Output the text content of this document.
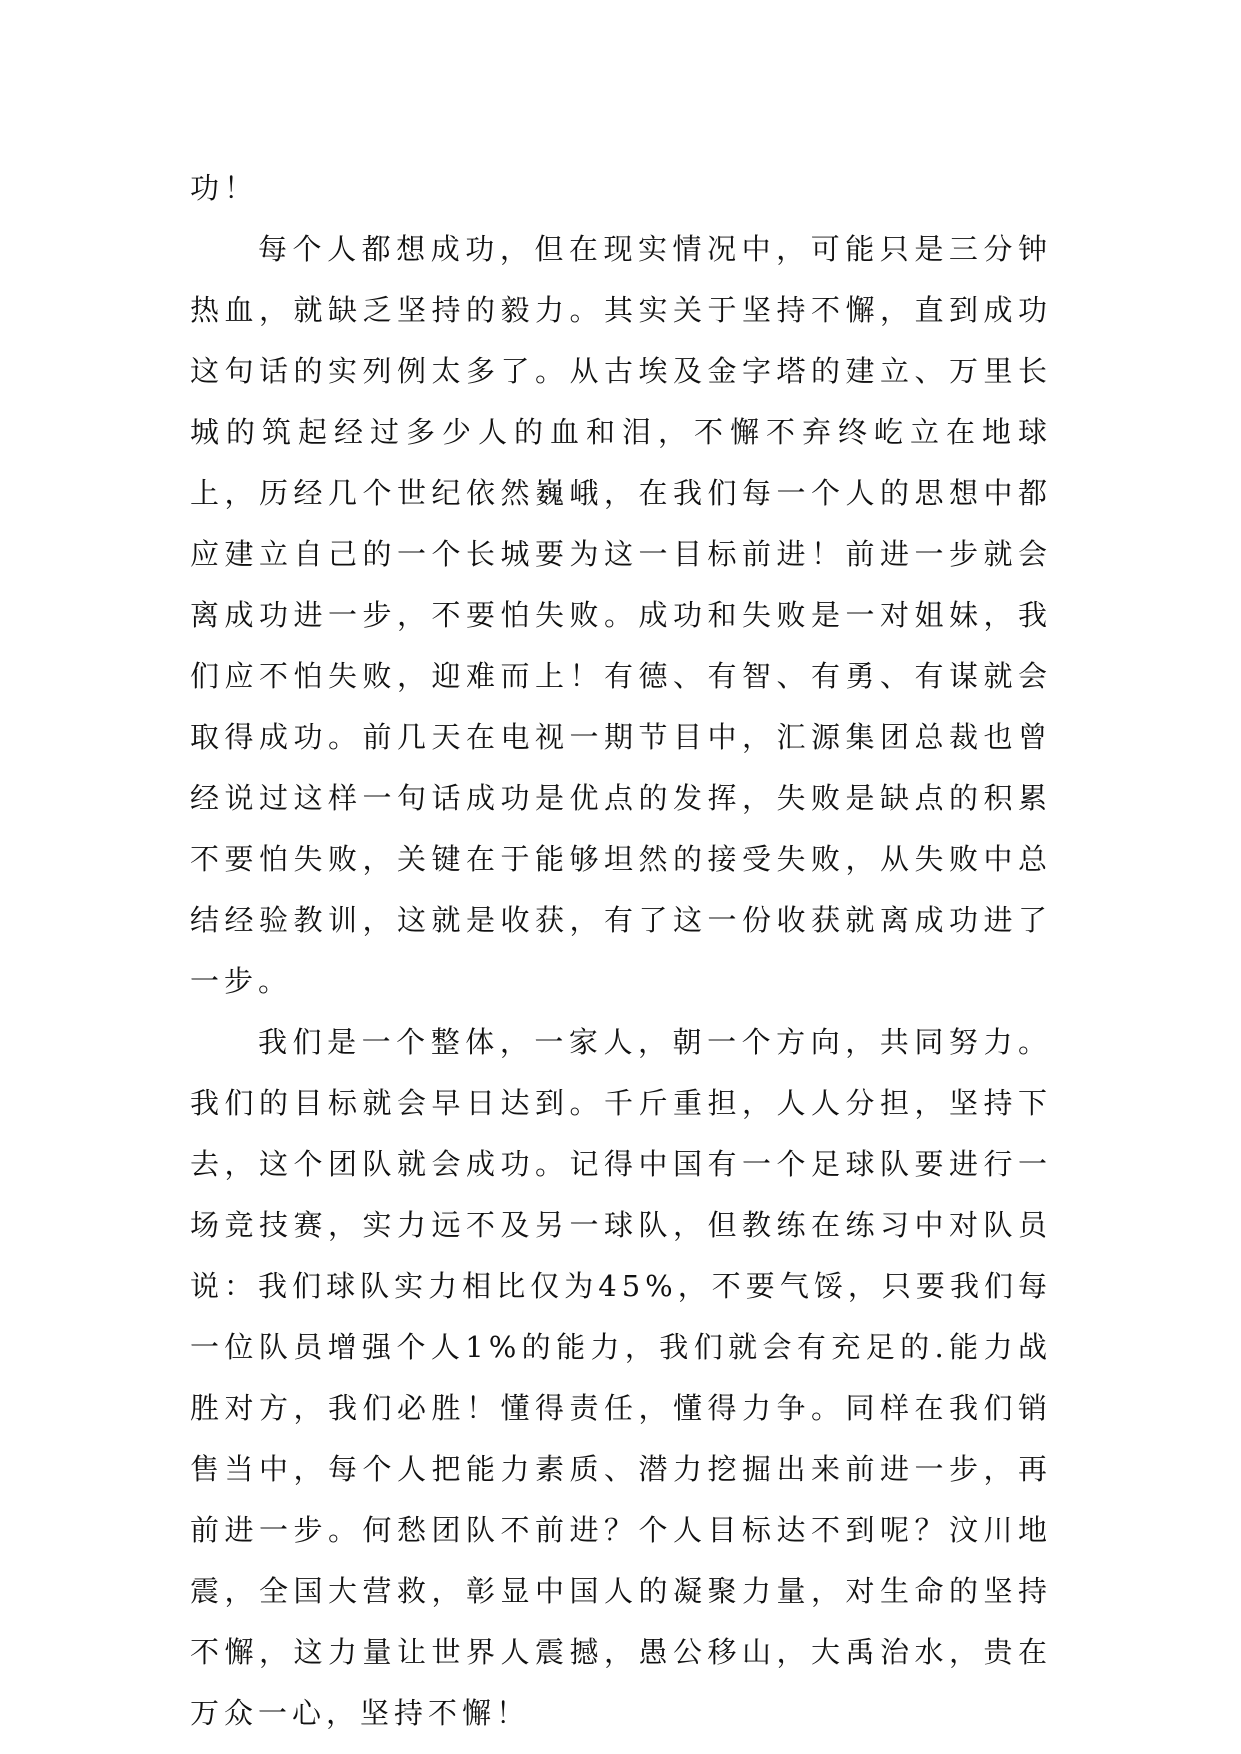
功！

每个人都想成功，但在现实情况中，可能只是三分钟热血，就缺乏坚持的毅力。其实关于坚持不懈，直到成功这句话的实列例太多了。从古埃及金字塔的建立、万里长城的筑起经过多少人的血和泪，不懈不弃终屹立在地球上，历经几个世纪依然巍峨，在我们每一个人的思想中都应建立自己的一个长城要为这一目标前进！前进一步就会离成功进一步，不要怕失败。成功和失败是一对姐妹，我们应不怕失败，迎难而上！有德、有智、有勇、有谋就会取得成功。前几天在电视一期节目中，汇源集团总裁也曾经说过这样一句话成功是优点的发挥，失败是缺点的积累不要怕失败，关键在于能够坦然的接受失败，从失败中总结经验教训，这就是收获，有了这一份收获就离成功进了一步。

我们是一个整体，一家人，朝一个方向，共同努力。我们的目标就会早日达到。千斤重担，人人分担，坚持下去，这个团队就会成功。记得中国有一个足球队要进行一场竞技赛，实力远不及另一球队，但教练在练习中对队员说：我们球队实力相比仅为45%，不要气馁，只要我们每一位队员增强个人1%的能力，我们就会有充足的.能力战胜对方，我们必胜！懂得责任，懂得力争。同样在我们销售当中，每个人把能力素质、潜力挖掘出来前进一步，再前进一步。何愁团队不前进？个人目标达不到呢？汶川地震，全国大营救，彰显中国人的凝聚力量，对生命的坚持不懈，这力量让世界人震撼，愚公移山，大禹治水，贵在万众一心，坚持不懈！
